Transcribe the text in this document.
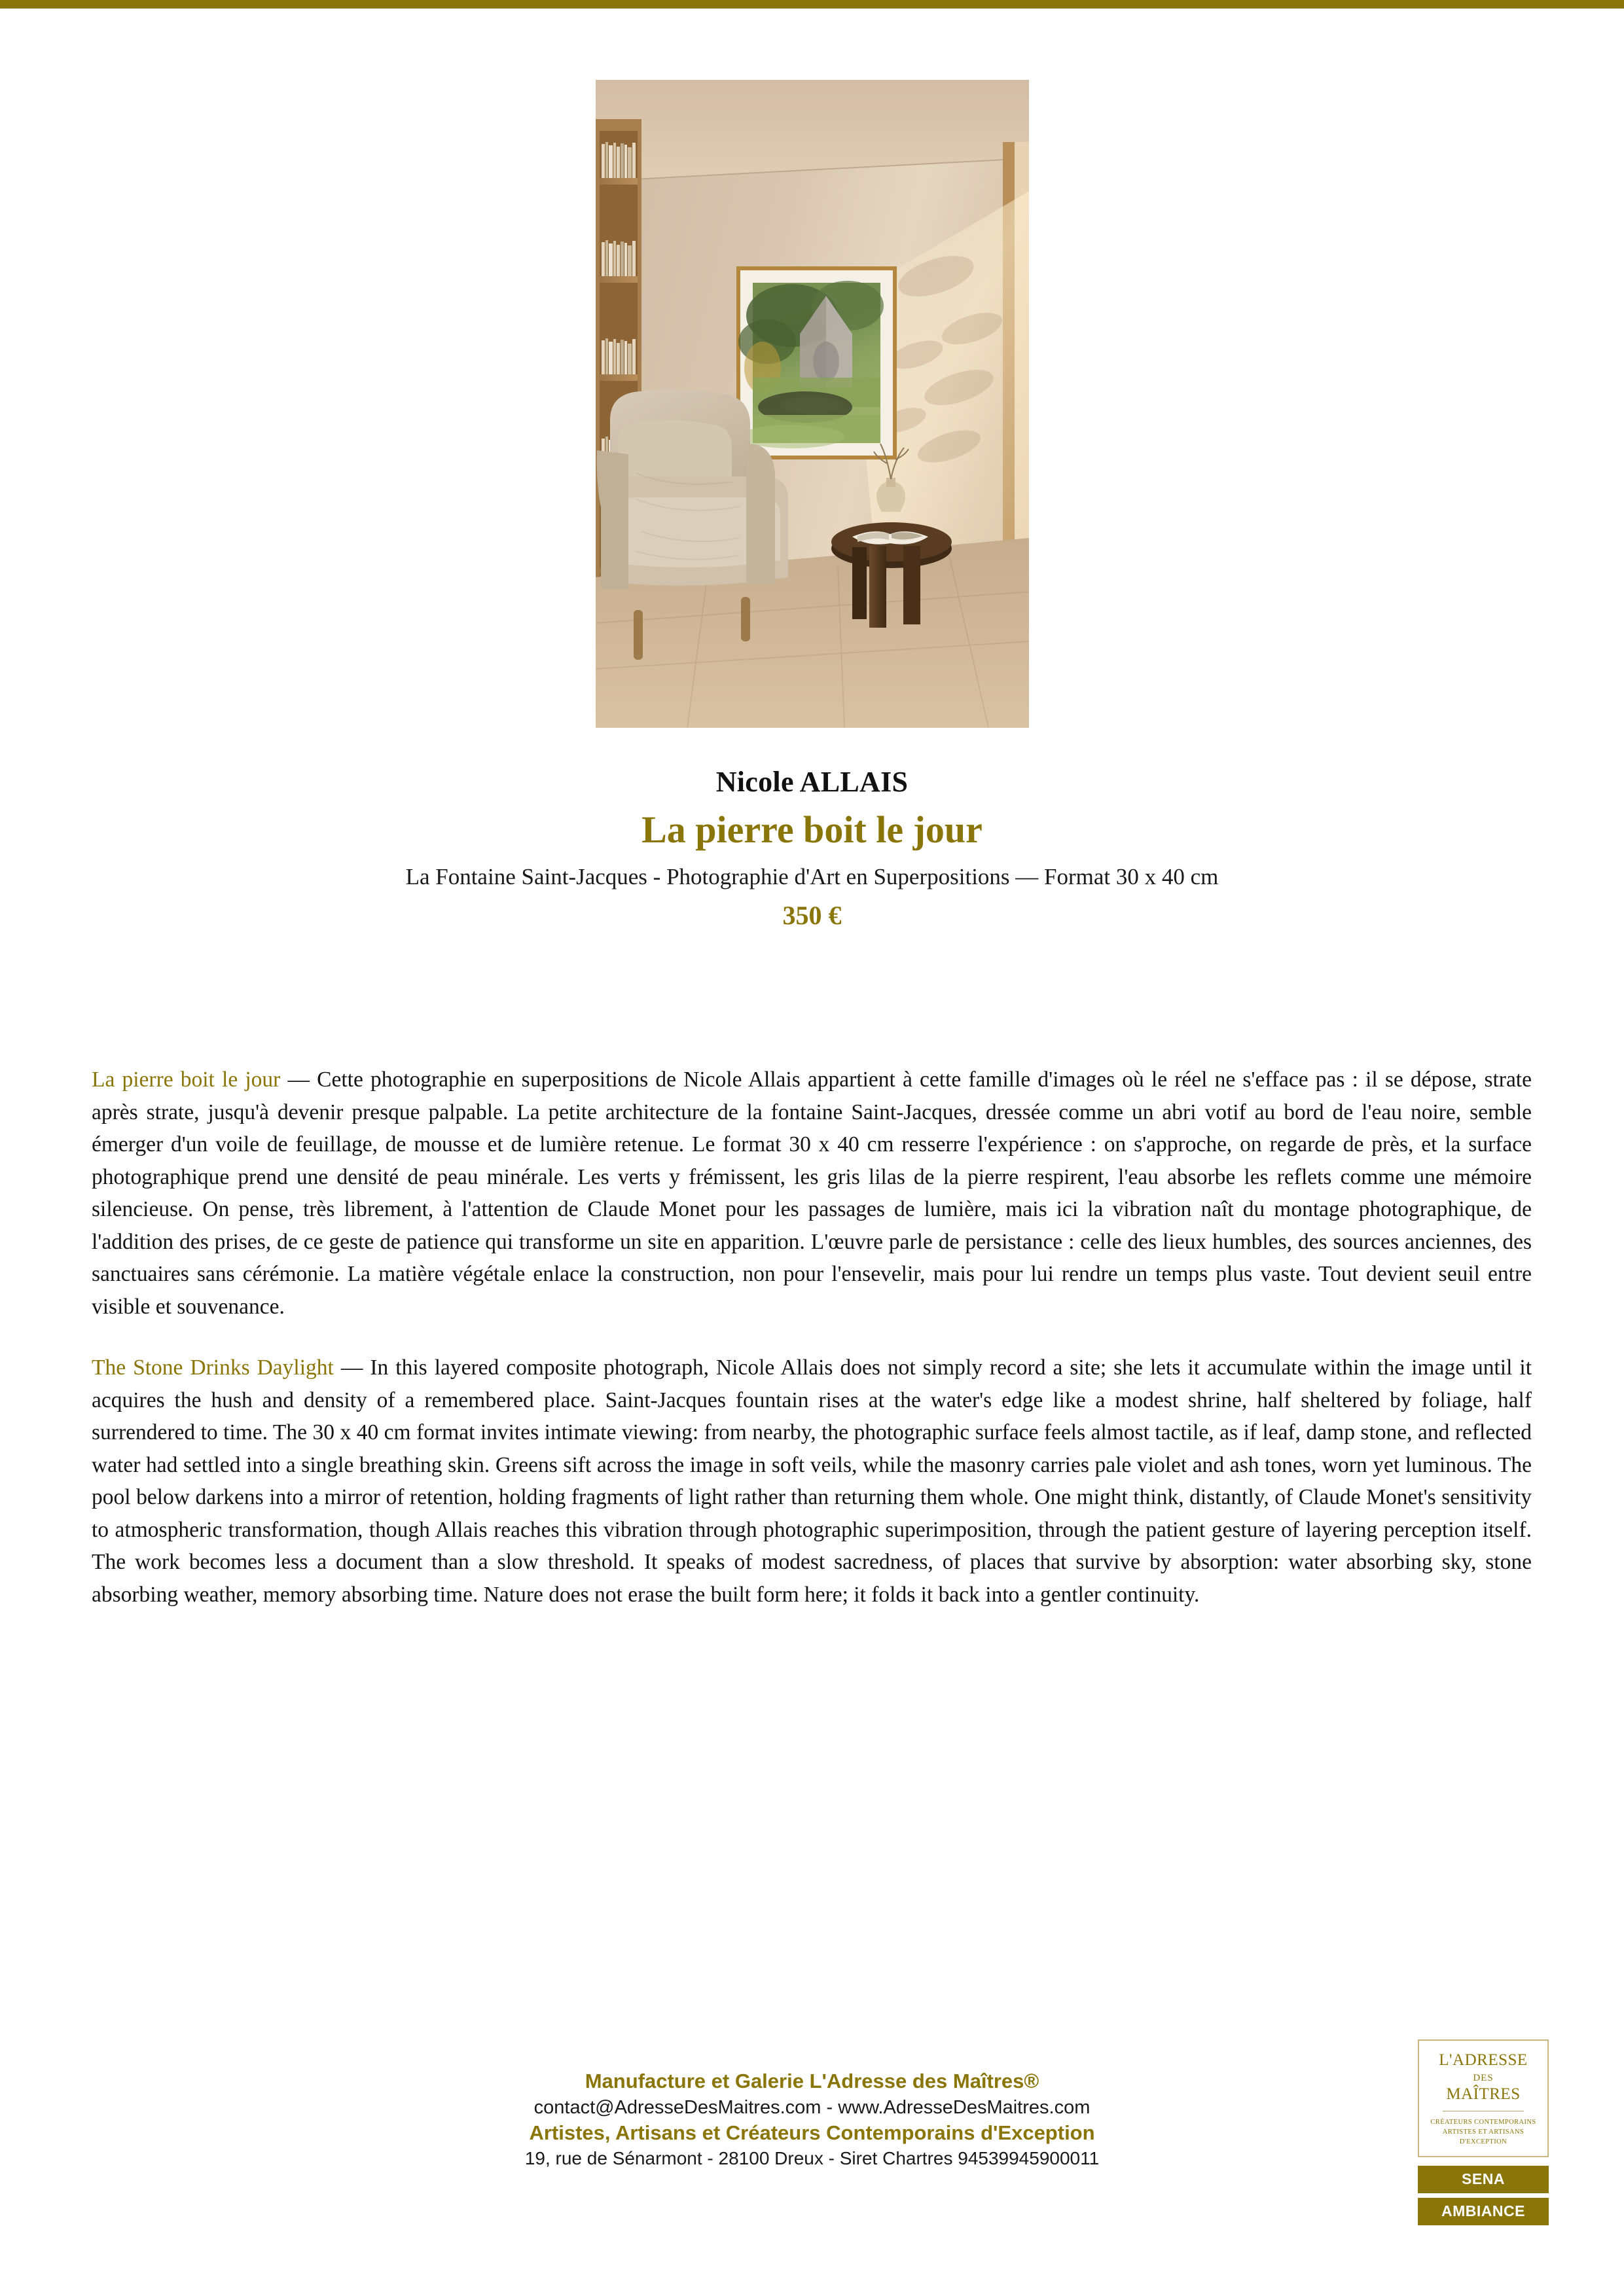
Nicole ALLAIS
La pierre boit le jour
La Fontaine Saint-Jacques - Photographie d'Art en Superpositions — Format 30 x 40 cm
350 €

La pierre boit le jour — Cette photographie en superpositions de Nicole Allais appartient à cette famille d'images où le réel ne s'efface pas : il se dépose, strate après strate, jusqu'à devenir presque palpable. La petite architecture de la fontaine Saint-Jacques, dressée comme un abri votif au bord de l'eau noire, semble émerger d'un voile de feuillage, de mousse et de lumière retenue. Le format 30 x 40 cm resserre l'expérience : on s'approche, on regarde de près, et la surface photographique prend une densité de peau minérale. Les verts y frémissent, les gris lilas de la pierre respirent, l'eau absorbe les reflets comme une mémoire silencieuse. On pense, très librement, à l'attention de Claude Monet pour les passages de lumière, mais ici la vibration naît du montage photographique, de l'addition des prises, de ce geste de patience qui transforme un site en apparition. L'œuvre parle de persistance : celle des lieux humbles, des sources anciennes, des sanctuaires sans cérémonie. La matière végétale enlace la construction, non pour l'ensevelir, mais pour lui rendre un temps plus vaste. Tout devient seuil entre visible et souvenance.

The Stone Drinks Daylight — In this layered composite photograph, Nicole Allais does not simply record a site; she lets it accumulate within the image until it acquires the hush and density of a remembered place. Saint-Jacques fountain rises at the water's edge like a modest shrine, half sheltered by foliage, half surrendered to time. The 30 x 40 cm format invites intimate viewing: from nearby, the photographic surface feels almost tactile, as if leaf, damp stone, and reflected water had settled into a single breathing skin. Greens sift across the image in soft veils, while the masonry carries pale violet and ash tones, worn yet luminous. The pool below darkens into a mirror of retention, holding fragments of light rather than returning them whole. One might think, distantly, of Claude Monet's sensitivity to atmospheric transformation, though Allais reaches this vibration through photographic superimposition, through the patient gesture of layering perception itself. The work becomes less a document than a slow threshold. It speaks of modest sacredness, of places that survive by absorption: water absorbing sky, stone absorbing weather, memory absorbing time. Nature does not erase the built form here; it folds it back into a gentler continuity.

Manufacture et Galerie L'Adresse des Maîtres®
contact@AdresseDesMaitres.com - www.AdresseDesMaitres.com
Artistes, Artisans et Créateurs Contemporains d'Exception
19, rue de Sénarmont - 28100 Dreux - Siret Chartres 94539945900011
L'ADRESSE
DES
MAÎTRES
CRÉATEURS CONTEMPORAINS
ARTISTES ET ARTISANS
D'EXCEPTION
SENA
AMBIANCE
